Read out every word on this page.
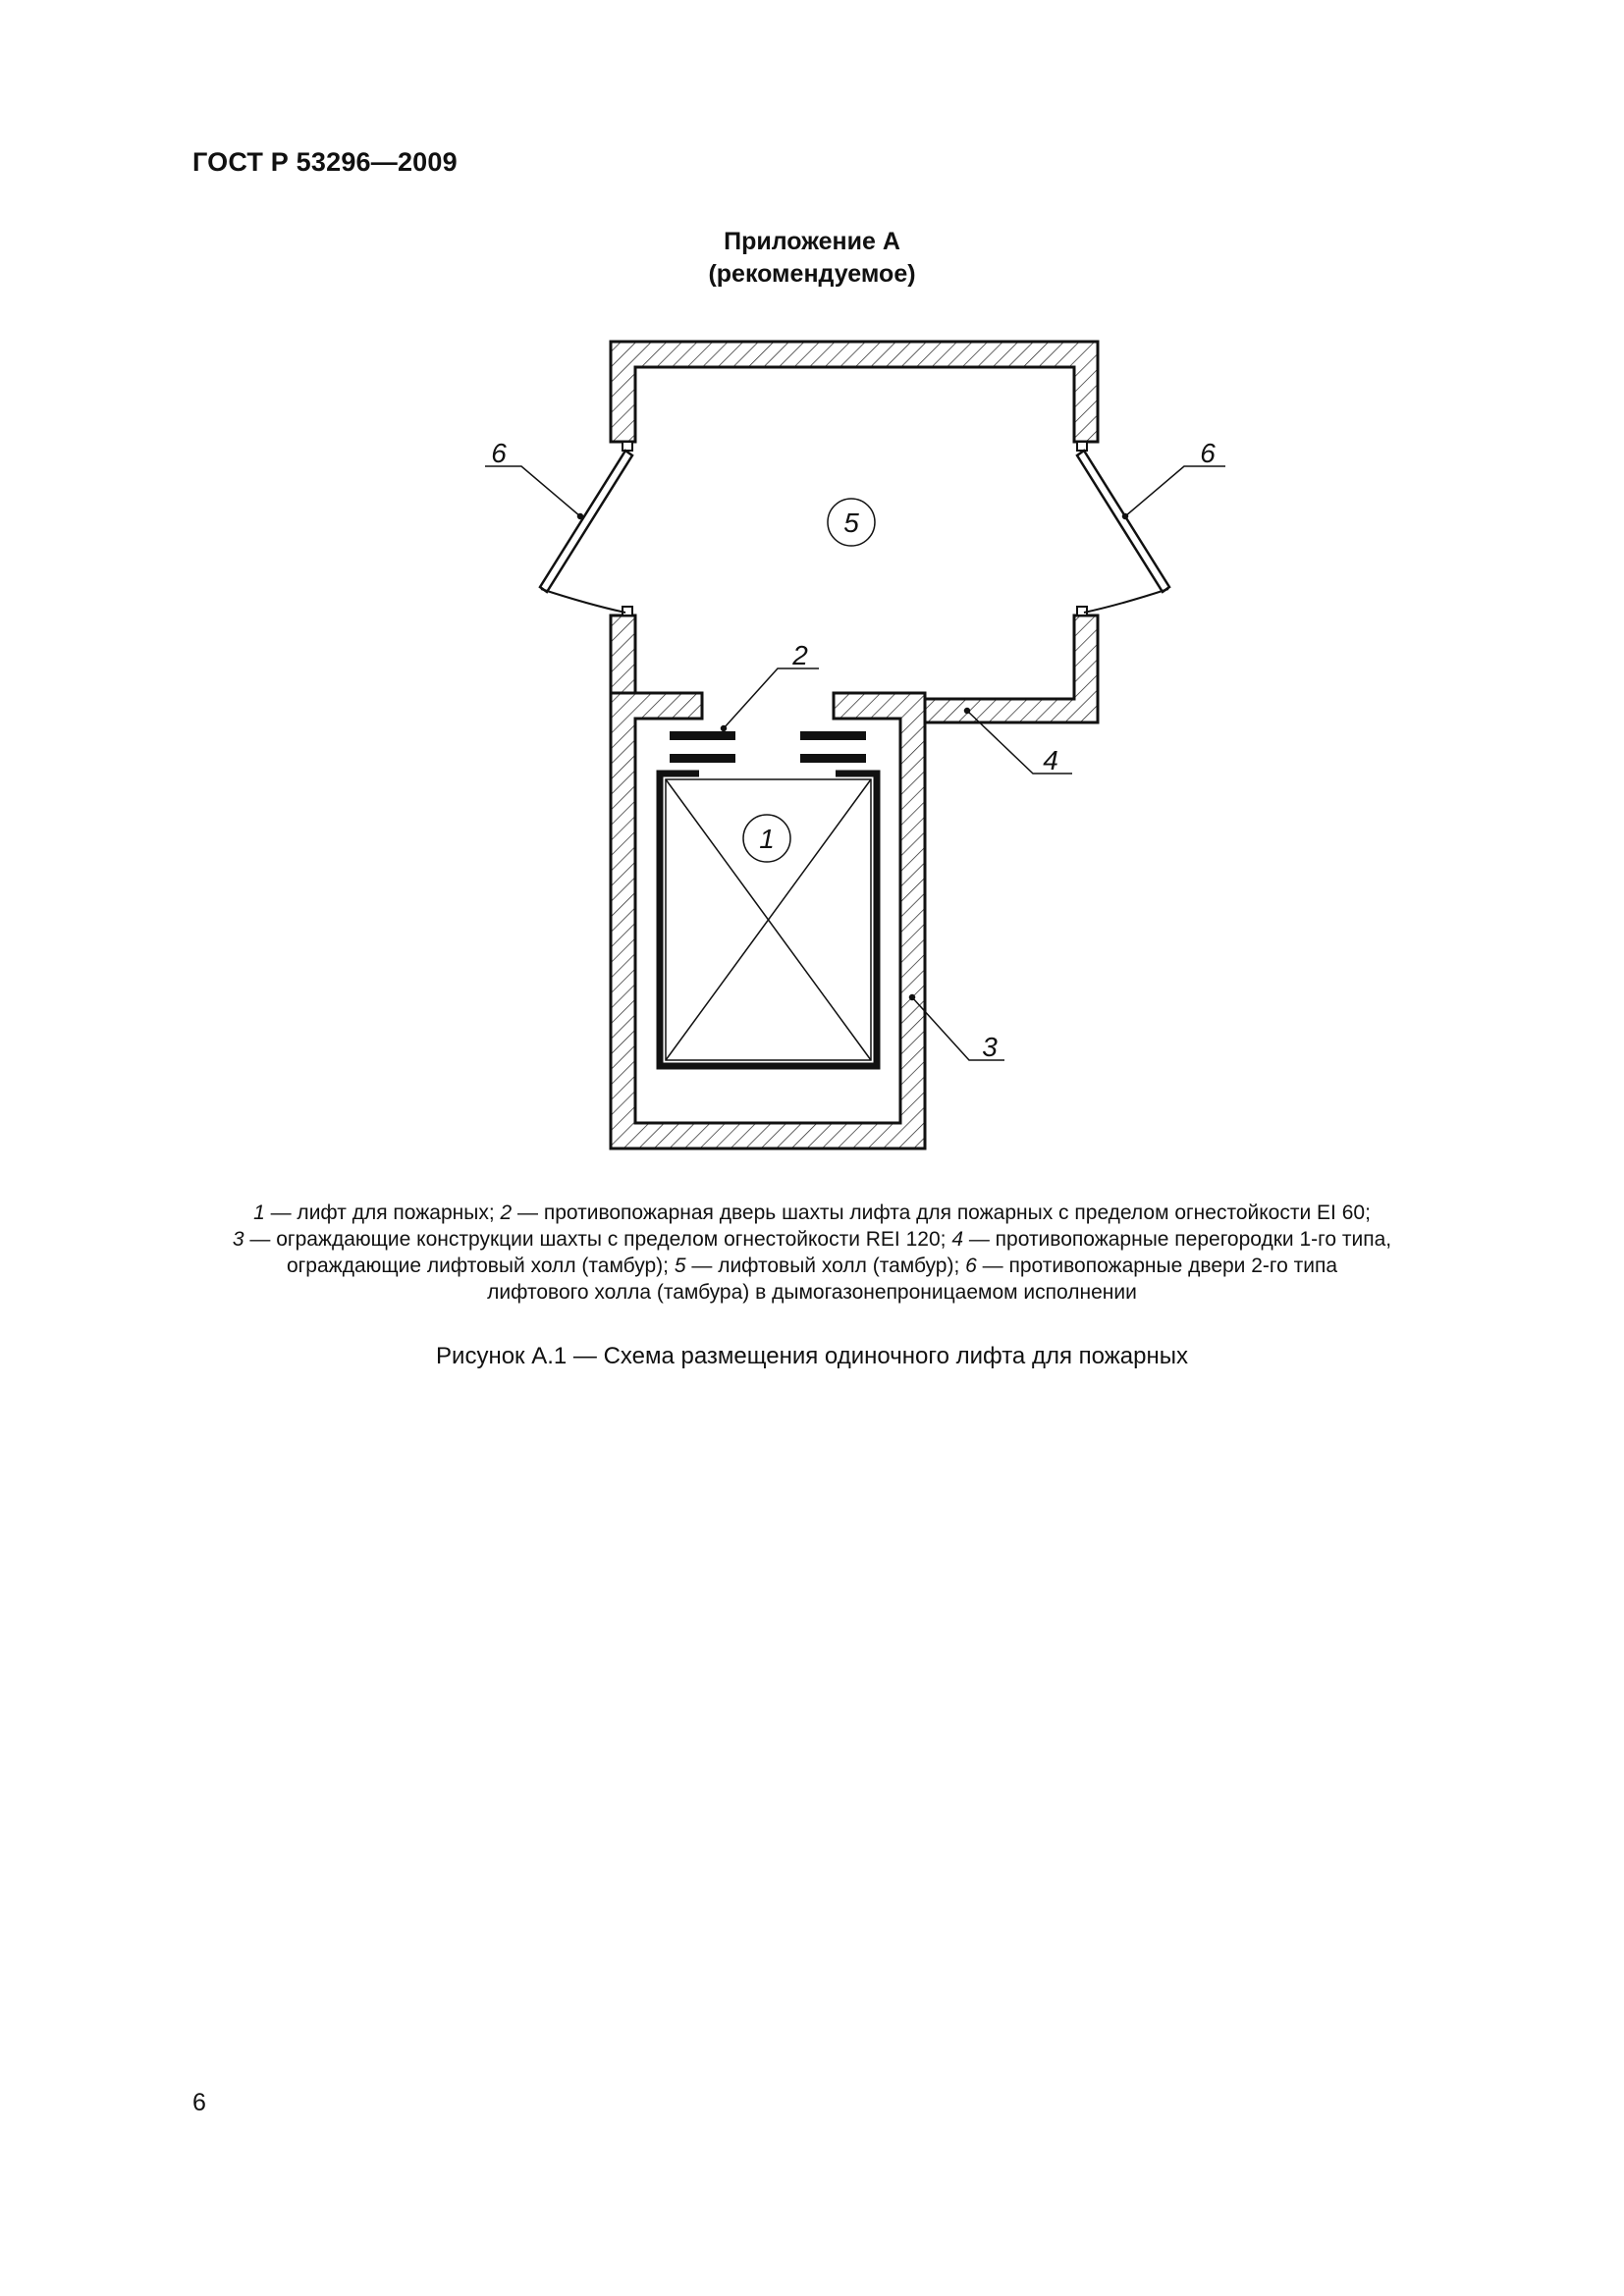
ГОСТ Р 53296—2009
Приложение А
(рекомендуемое)
6	6
5
2
4
1
3
1 — лифт для пожарных; 2 — противопожарная дверь шахты лифта для пожарных с пределом огнестойкости EI 60;
3 — ограждающие конструкции шахты с пределом огнестойкости REI 120; 4 — противопожарные перегородки 1-го типа,
ограждающие лифтовый холл (тамбур); 5 — лифтовый холл (тамбур); 6 — противопожарные двери 2-го типа
лифтового холла (тамбура) в дымогазонепроницаемом исполнении
Рисунок А.1 — Схема размещения одиночного лифта для пожарных
6
